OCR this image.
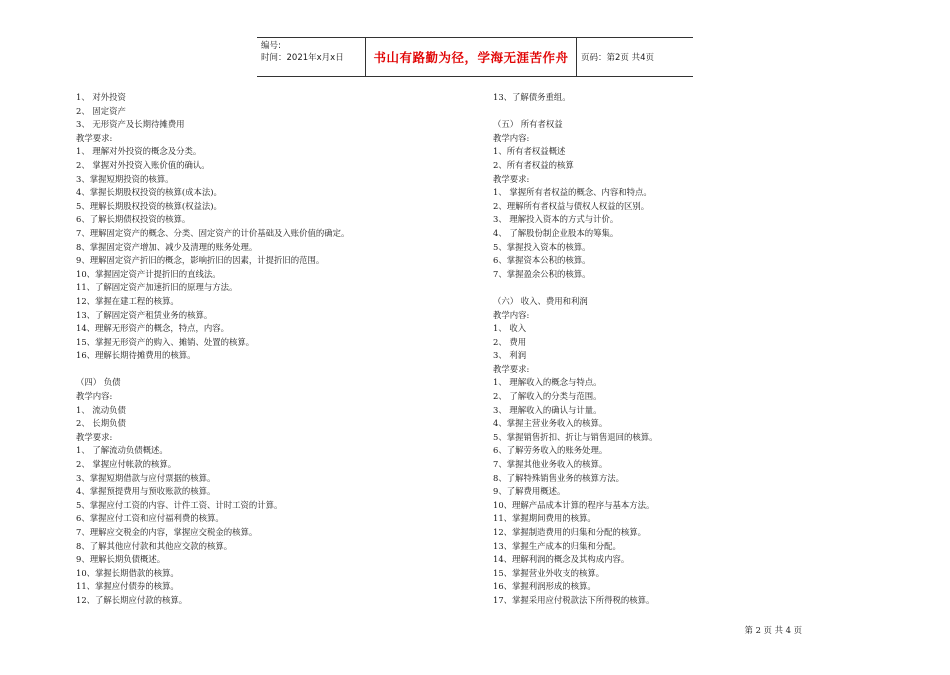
编号:
时间：2021年x月x日	书山有路勤为径，学海无涯苦作舟	页码：第2页 共4页
1、 对外投资
2、 固定资产
3、 无形资产及长期待摊费用
教学要求:
1、 理解对外投资的概念及分类。
2、 掌握对外投资入账价值的确认。
3、掌握短期投资的核算。
4、掌握长期股权投资的核算(成本法)。
5、理解长期股权投资的核算(权益法)。
6、了解长期债权投资的核算。
7、理解固定资产的概念、分类、固定资产的计价基础及入账价值的确定。
8、掌握固定资产增加、减少及清理的账务处理。
9、理解固定资产折旧的概念，影响折旧的因素，计提折旧的范围。
10、掌握固定资产计提折旧的直线法。
11、了解固定资产加速折旧的原理与方法。
12、掌握在建工程的核算。
13、了解固定资产租赁业务的核算。
14、理解无形资产的概念，特点，内容。
15、掌握无形资产的购入、摊销、处置的核算。
16、理解长期待摊费用的核算。
（四） 负债
教学内容:
1、 流动负债
2、 长期负债
教学要求:
1、 了解流动负债概述。
2、 掌握应付帐款的核算。
3、掌握短期借款与应付票据的核算。
4、掌握预提费用与预收账款的核算。
5、掌握应付工资的内容、计件工资、计时工资的计算。
6、掌握应付工资和应付福利费的核算。
7、理解应交税金的内容，掌握应交税金的核算。
8、了解其他应付款和其他应交款的核算。
9、理解长期负债概述。
10、掌握长期借款的核算。
11、掌握应付债券的核算。
12、了解长期应付款的核算。
13、了解债务重组。
（五） 所有者权益
教学内容:
1、所有者权益概述
2、所有者权益的核算
教学要求:
1、 掌握所有者权益的概念、内容和特点。
2、理解所有者权益与债权人权益的区别。
3、 理解投入资本的方式与计价。
4、 了解股份制企业股本的筹集。
5、掌握投入资本的核算。
6、掌握资本公积的核算。
7、掌握盈余公积的核算。
（六） 收入、费用和利润
教学内容:
1、 收入
2、 费用
3、 利润
教学要求:
1、 理解收入的概念与特点。
2、 了解收入的分类与范围。
3、 理解收入的确认与计量。
4、掌握主营业务收入的核算。
5、掌握销售折扣、折让与销售退回的核算。
6、了解劳务收入的账务处理。
7、掌握其他业务收入的核算。
8、了解特殊销售业务的核算方法。
9、了解费用概述。
10、理解产品成本计算的程序与基本方法。
11、掌握期间费用的核算。
12、掌握制造费用的归集和分配的核算。
13、掌握生产成本的归集和分配。
14、理解利润的概念及其构成内容。
15、掌握营业外收支的核算。
16、掌握利润形成的核算。
17、掌握采用应付税款法下所得税的核算。
第 2 页 共 4 页
